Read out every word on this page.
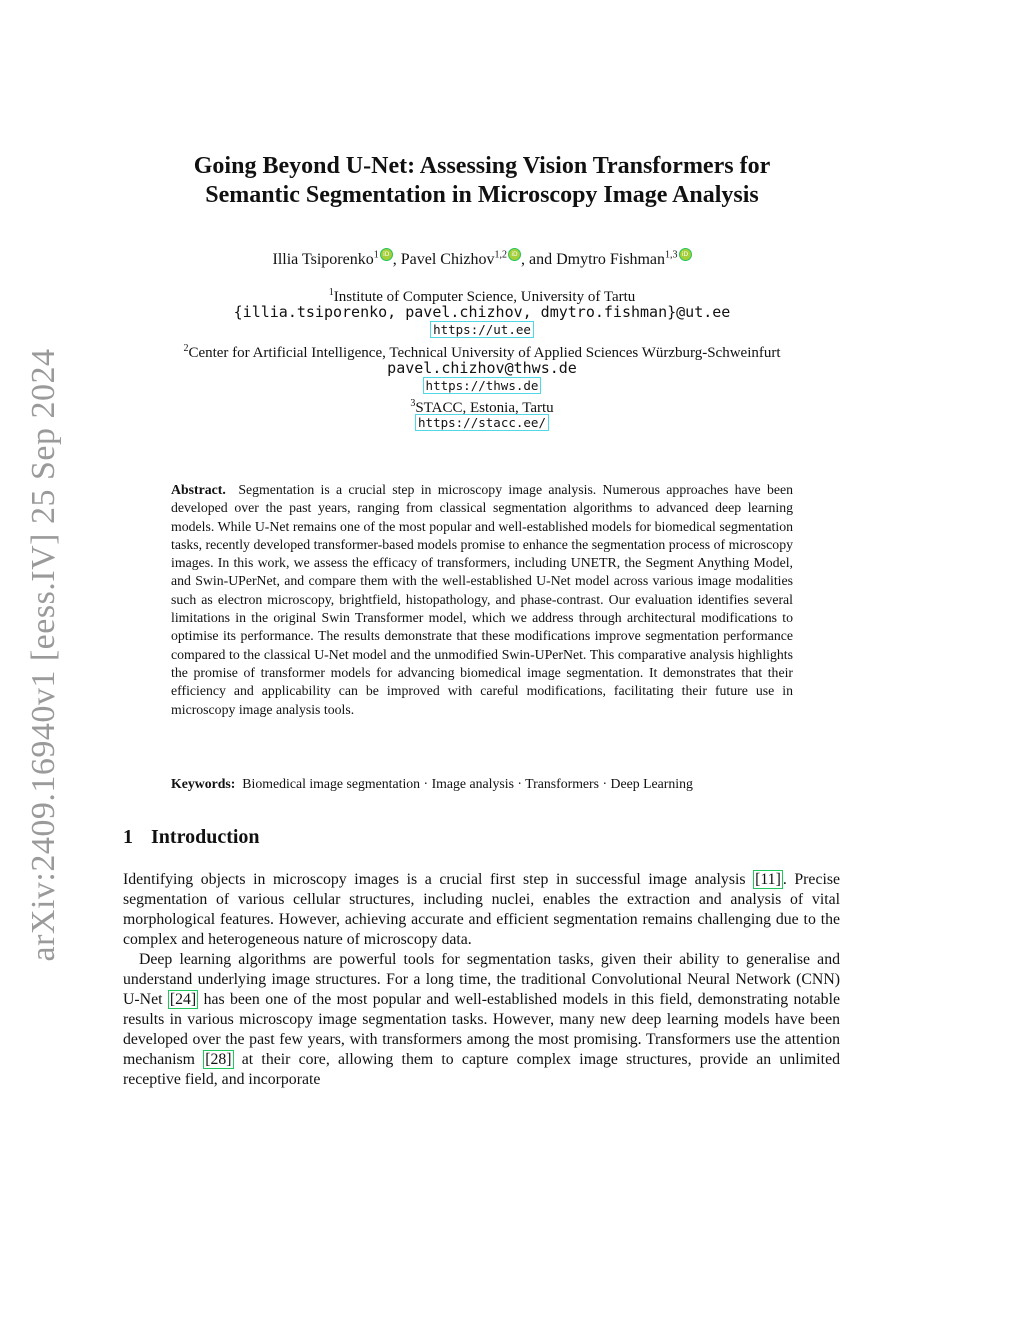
arXiv:2409.16940v1 [eess.IV] 25 Sep 2024
Going Beyond U-Net: Assessing Vision Transformers for
Semantic Segmentation in Microscopy Image Analysis
Illia Tsiporenko$^1$ iD , Pavel Chizhov$^{1,2}$ iD , and Dmytro Fishman$^{1,3}$iD
$^1$Institute of Computer Science, University of Tartu
{illia.tsiporenko, pavel.chizhov, dmytro.fishman}@ut.ee
https://ut.ee
$^2$Center for Artificial Intelligence, Technical University of Applied Sciences Würzburg-Schweinfurt
pavel.chizhov@thws.de
https://thws.de
$^3$STACC, Estonia, Tartu
https://stacc.ee/
Abstract. Segmentation is a crucial step in microscopy image analysis. Numerous approaches have been developed over the past years, ranging from classical segmentation algorithms to advanced deep learning models. While U-Net remains one of the most popular and well-established models for biomedical segmentation tasks, recently developed transformer-based models promise to enhance the segmentation process of microscopy images. In this work, we assess the efficacy of transformers, including UNETR, the Segment Anything Model, and Swin-UPerNet, and compare them with the well-established U-Net model across various image modalities such as electron microscopy, brightfield, histopathology, and phase-contrast. Our evaluation identifies several limitations in the original Swin Transformer model, which we address through architectural modifications to optimise its performance. The results demonstrate that these modifications improve segmentation performance compared to the classical U-Net model and the unmodified Swin-UPerNet. This comparative analysis highlights the promise of transformer models for advancing biomedical image segmentation. It demonstrates that their efficiency and applicability can be improved with careful modifications, facilitating their future use in microscopy image analysis tools.
Keywords: Biomedical image segmentation · Image analysis · Transformers · Deep Learning
1 Introduction

Identifying objects in microscopy images is a crucial first step in successful image analysis [11] . Precise segmentation of various cellular structures, including nuclei, enables the extraction and analysis of vital morphological features. However, achieving accurate and efficient segmentation remains challenging due to the complex and heterogeneous nature of microscopy data.

Deep learning algorithms are powerful tools for segmentation tasks, given their ability to generalise and understand underlying image structures. For a long time, the traditional Convolutional Neural Network (CNN) U-Net [24] has been one of the most popular and well-established models in this field, demonstrating notable results in various microscopy image segmentation tasks. However, many new deep learning models have been developed over the past few years, with transformers among the most promising. Transformers use the attention mechanism [28] at their core, allowing them to capture complex image structures, provide an unlimited receptive field, and incorporate
